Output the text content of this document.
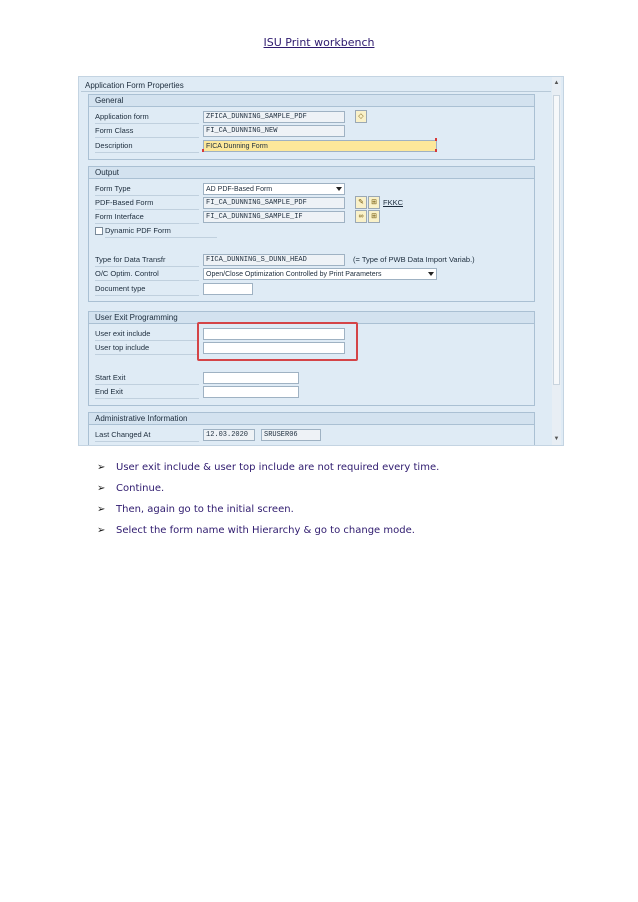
ISU Print workbench
Application Form Properties	▲
▼
General
Application form	ZFICA_DUNNING_SAMPLE_PDF	◇
Form Class	FI_CA_DUNNING_NEW
Description	FICA Dunning Form
Output
Form Type	AD PDF-Based Form
PDF-Based Form	FI_CA_DUNNING_SAMPLE_PDF	✎	⊞ FKKC
Form Interface	FI_CA_DUNNING_SAMPLE_IF	∞	⊞
Dynamic PDF Form
Type for Data Transfr	FICA_DUNNING_S_DUNN_HEAD	(= Type of PWB Data Import Variab.)
O/C Optim. Control	Open/Close Optimization Controlled by Print Parameters
Document type
User Exit Programming
User exit include
User top include
Start Exit
End Exit
Administrative Information
Last Changed At	12.03.2020	SRUSER06
➢ User exit include & user top include are not required every time.
➢ Continue.
➢ Then, again go to the initial screen.
➢ Select the form name with Hierarchy & go to change mode.
